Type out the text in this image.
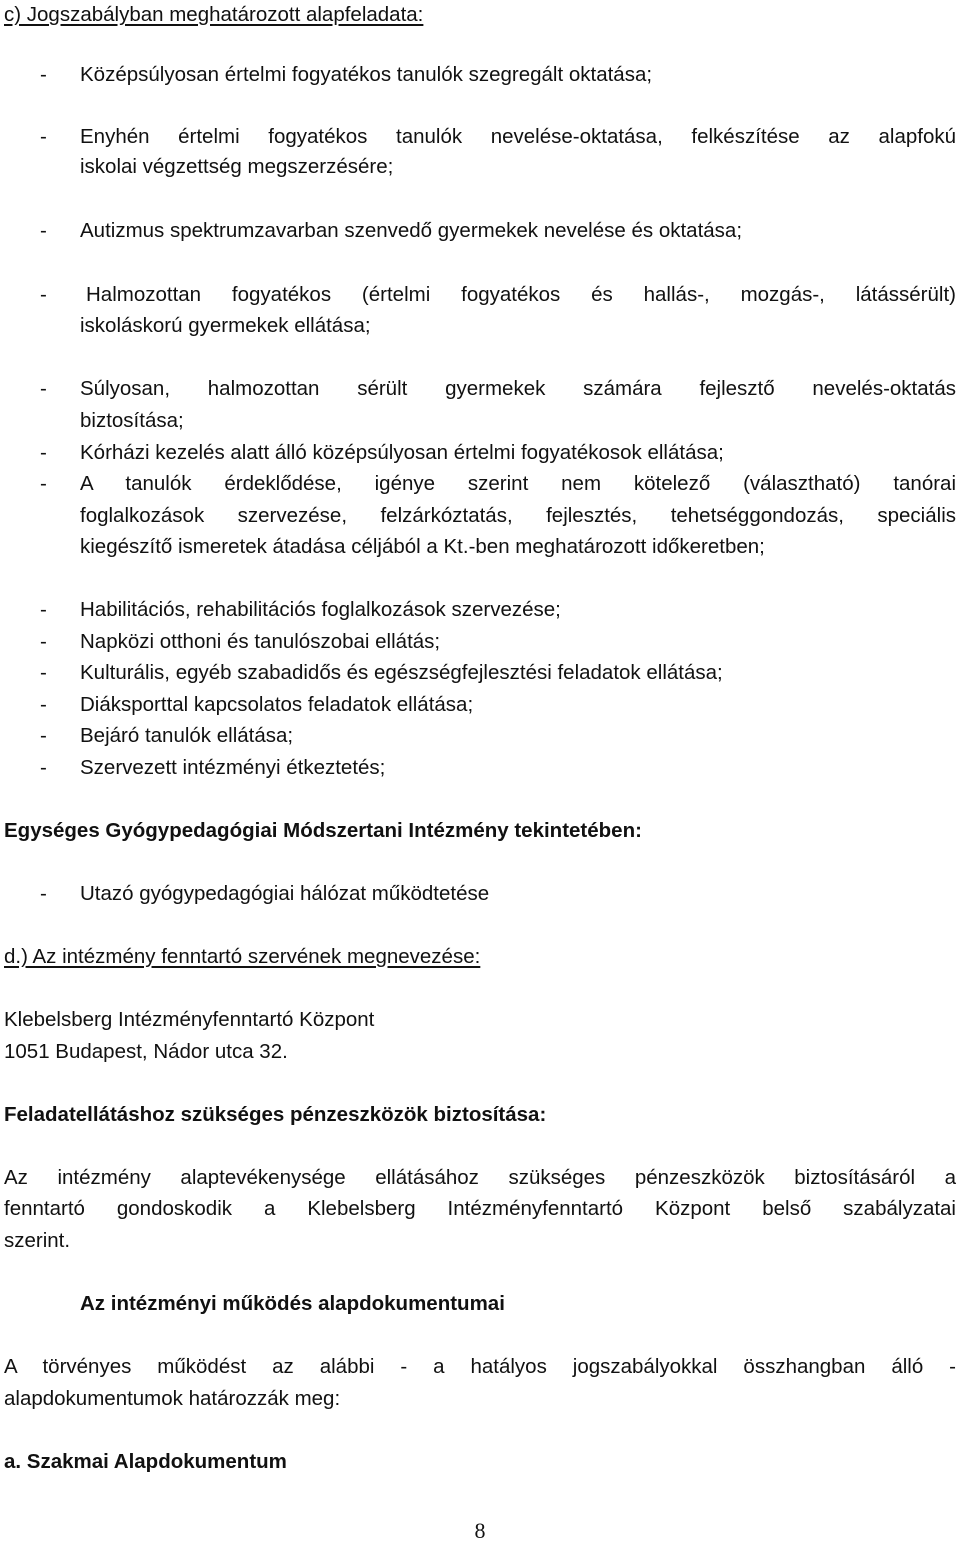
c) Jogszabályban meghatározott alapfeladata:

-	Középsúlyosan értelmi fogyatékos tanulók szegregált oktatása;

-	Enyhén értelmi fogyatékos tanulók nevelése-oktatása, felkészítése az alapfokú

iskolai végzettség megszerzésére;

-	Autizmus spektrumzavarban szenvedő gyermekek nevelése és oktatása;

-	Halmozottan fogyatékos (értelmi fogyatékos és hallás-, mozgás-, látássérült)

iskoláskorú gyermekek ellátása;

-	Súlyosan, halmozottan sérült gyermekek számára fejlesztő nevelés-oktatás

biztosítása;

-	Kórházi kezelés alatt álló középsúlyosan értelmi fogyatékosok ellátása;

-	A tanulók érdeklődése, igénye szerint nem kötelező (választható) tanórai

foglalkozások szervezése, felzárkóztatás, fejlesztés, tehetséggondozás, speciális

kiegészítő ismeretek átadása céljából a Kt.-ben meghatározott időkeretben;

-	Habilitációs, rehabilitációs foglalkozások szervezése;

-	Napközi otthoni és tanulószobai ellátás;

-	Kulturális, egyéb szabadidős és egészségfejlesztési feladatok ellátása;

-	Diáksporttal kapcsolatos feladatok ellátása;

-	Bejáró tanulók ellátása;

-	Szervezett intézményi étkeztetés;

Egységes Gyógypedagógiai Módszertani Intézmény tekintetében:

-	Utazó gyógypedagógiai hálózat működtetése

d.) Az intézmény fenntartó szervének megnevezése:

Klebelsberg Intézményfenntartó Központ

1051 Budapest, Nádor utca 32.

Feladatellátáshoz szükséges pénzeszközök biztosítása:

Az intézmény alaptevékenysége ellátásához szükséges pénzeszközök biztosításáról a

fenntartó gondoskodik a Klebelsberg Intézményfenntartó Központ belső szabályzatai

szerint.

Az intézményi működés alapdokumentumai

A törvényes működést az alábbi - a hatályos jogszabályokkal összhangban álló -

alapdokumentumok határozzák meg:

a. Szakmai Alapdokumentum

8
